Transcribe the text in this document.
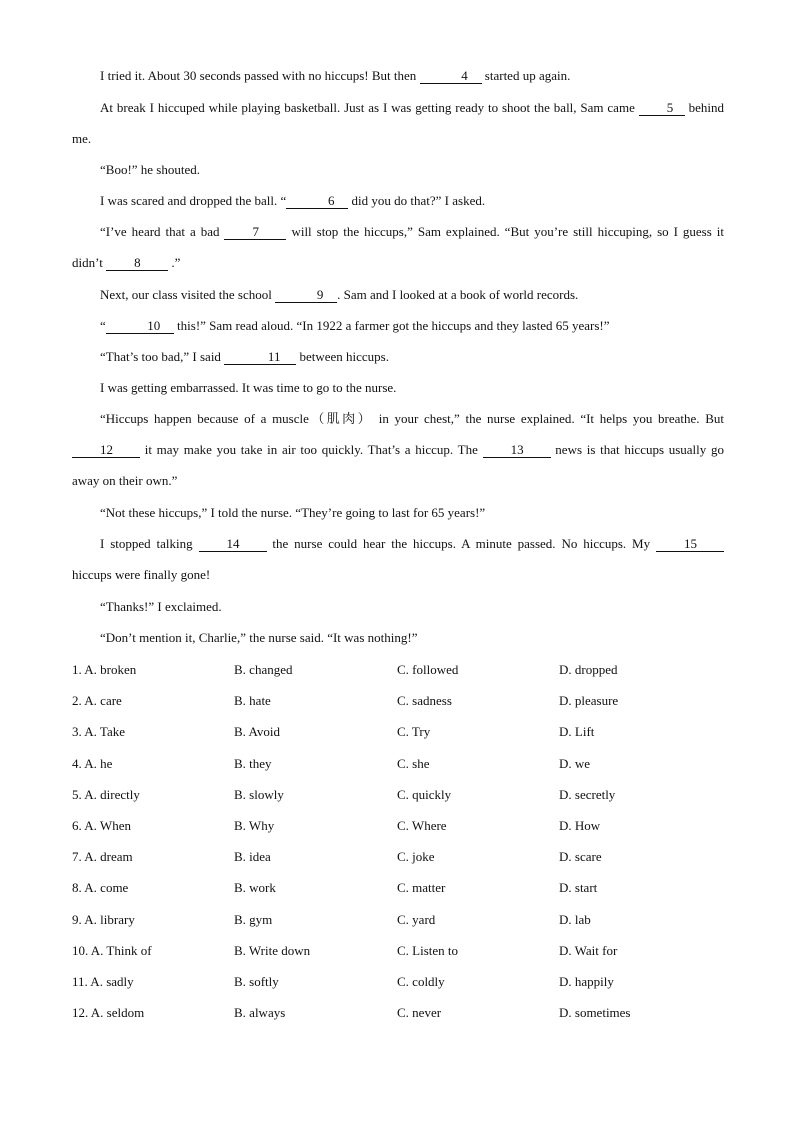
I tried it. About 30 seconds passed with no hiccups! But then	4 started up again.

At break I hiccuped while playing basketball. Just as I was getting ready to shoot the ball, Sam came 5 behind me.

“Boo!” he shouted.

I was scared and dropped the ball. “	6 did you do that?” I asked.

“I’ve heard that a bad 7 will stop the hiccups,” Sam explained. “But you’re still hiccuping, so I guess it didn’t 8 .”

Next, our class visited the school	9 . Sam and I looked at a book of world records.

“	10 this!” Sam read aloud. “In 1922 a farmer got the hiccups and they lasted 65 years!”

“That’s too bad,” I said	11 between hiccups.

I was getting embarrassed. It was time to go to the nurse.

“Hiccups happen because of a muscle（肌肉） in your chest,” the nurse explained. “It helps you breathe. But 12 it may make you take in air too quickly. That’s a hiccup. The 13 news is that hiccups usually go away on their own.”

“Not these hiccups,” I told the nurse. “They’re going to last for 65 years!”

I stopped talking 14 the nurse could hear the hiccups. A minute passed. No hiccups. My 15 hiccups were finally gone!

“Thanks!” I exclaimed.

“Don’t mention it, Charlie,” the nurse said. “It was nothing!”

1. A. broken	B. changed	C. followed	D. dropped
2. A. care	B. hate	C. sadness	D. pleasure
3. A. Take	B. Avoid	C. Try	D. Lift
4. A. he	B. they	C. she	D. we
5. A. directly	B. slowly	C. quickly	D. secretly
6. A. When	B. Why	C. Where	D. How
7. A. dream	B. idea	C. joke	D. scare
8. A. come	B. work	C. matter	D. start
9. A. library	B. gym	C. yard	D. lab
10. A. Think of	B. Write down	C. Listen to	D. Wait for
11. A. sadly	B. softly	C. coldly	D. happily
12. A. seldom	B. always	C. never	D. sometimes
